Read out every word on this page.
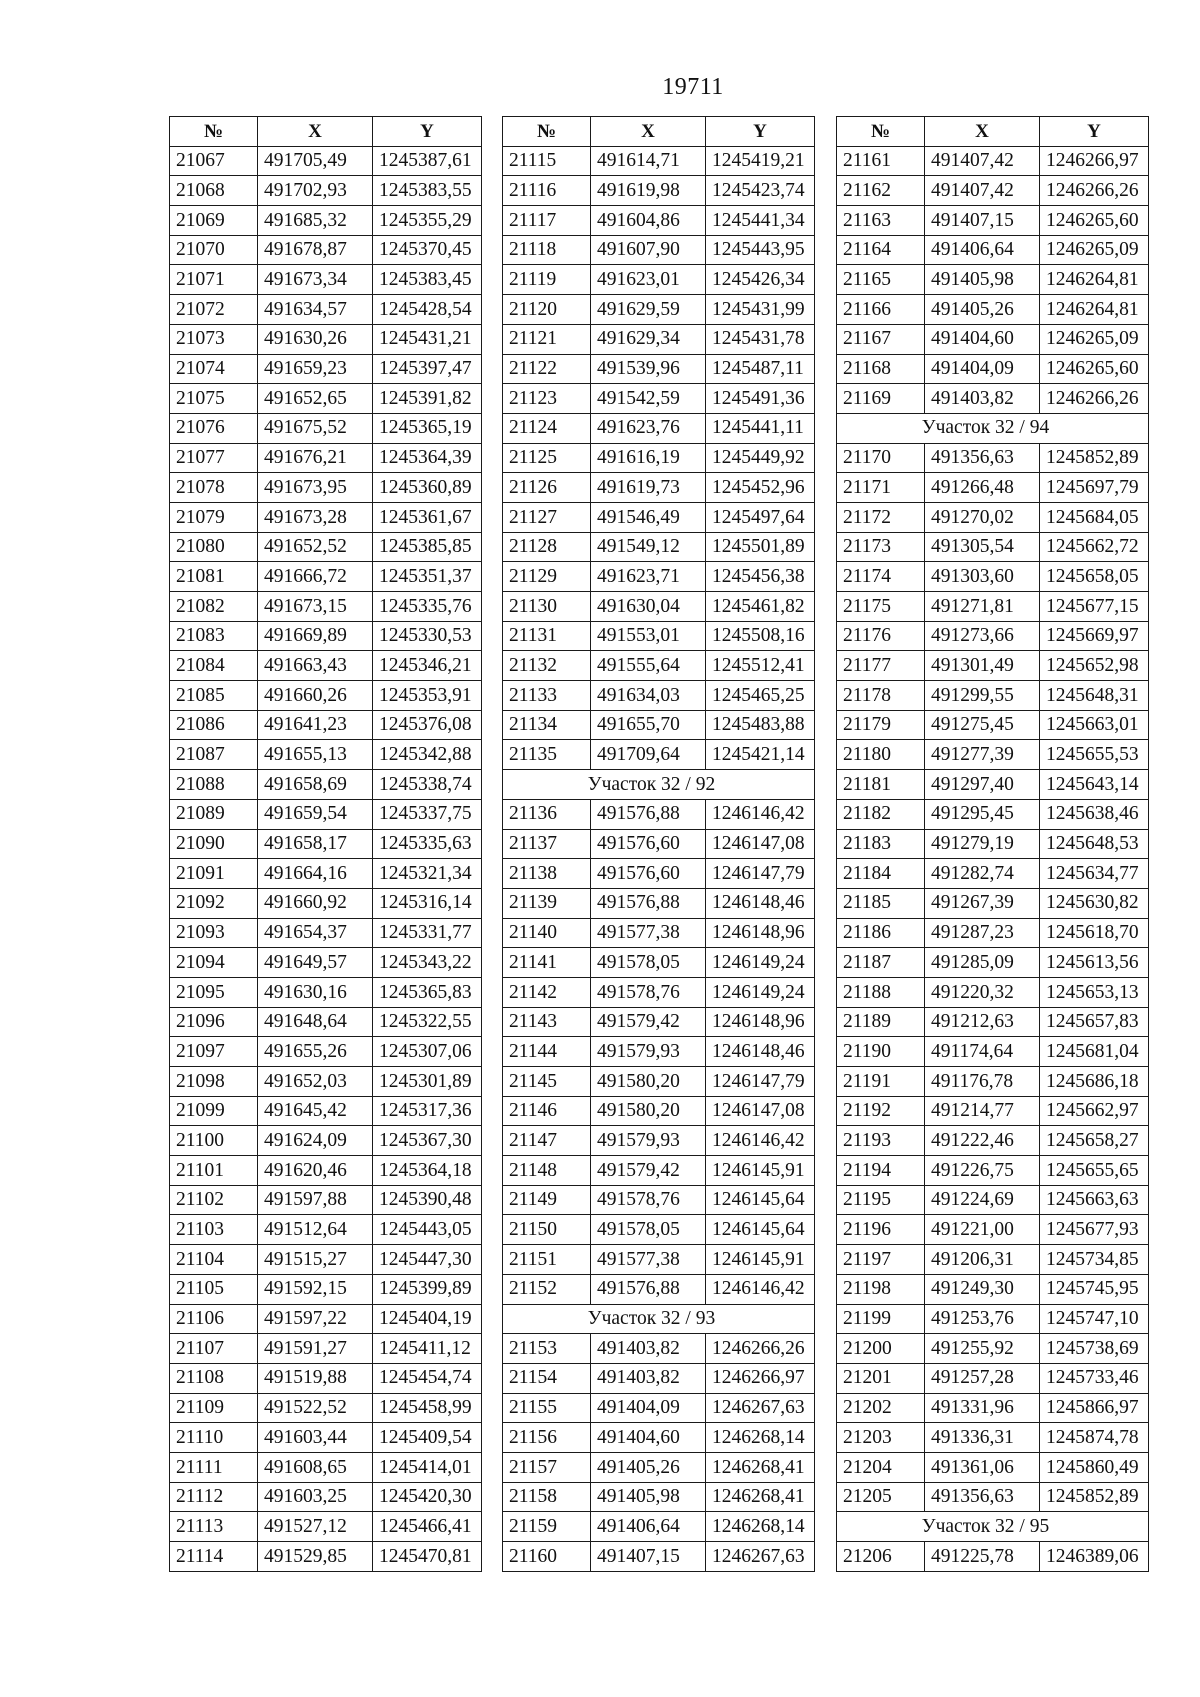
19711
№	X	Y
21067	491705,49	1245387,61
21068	491702,93	1245383,55
21069	491685,32	1245355,29
21070	491678,87	1245370,45
21071	491673,34	1245383,45
21072	491634,57	1245428,54
21073	491630,26	1245431,21
21074	491659,23	1245397,47
21075	491652,65	1245391,82
21076	491675,52	1245365,19
21077	491676,21	1245364,39
21078	491673,95	1245360,89
21079	491673,28	1245361,67
21080	491652,52	1245385,85
21081	491666,72	1245351,37
21082	491673,15	1245335,76
21083	491669,89	1245330,53
21084	491663,43	1245346,21
21085	491660,26	1245353,91
21086	491641,23	1245376,08
21087	491655,13	1245342,88
21088	491658,69	1245338,74
21089	491659,54	1245337,75
21090	491658,17	1245335,63
21091	491664,16	1245321,34
21092	491660,92	1245316,14
21093	491654,37	1245331,77
21094	491649,57	1245343,22
21095	491630,16	1245365,83
21096	491648,64	1245322,55
21097	491655,26	1245307,06
21098	491652,03	1245301,89
21099	491645,42	1245317,36
21100	491624,09	1245367,30
21101	491620,46	1245364,18
21102	491597,88	1245390,48
21103	491512,64	1245443,05
21104	491515,27	1245447,30
21105	491592,15	1245399,89
21106	491597,22	1245404,19
21107	491591,27	1245411,12
21108	491519,88	1245454,74
21109	491522,52	1245458,99
21110	491603,44	1245409,54
21111	491608,65	1245414,01
21112	491603,25	1245420,30
21113	491527,12	1245466,41
21114	491529,85	1245470,81
№	X	Y
21115	491614,71	1245419,21
21116	491619,98	1245423,74
21117	491604,86	1245441,34
21118	491607,90	1245443,95
21119	491623,01	1245426,34
21120	491629,59	1245431,99
21121	491629,34	1245431,78
21122	491539,96	1245487,11
21123	491542,59	1245491,36
21124	491623,76	1245441,11
21125	491616,19	1245449,92
21126	491619,73	1245452,96
21127	491546,49	1245497,64
21128	491549,12	1245501,89
21129	491623,71	1245456,38
21130	491630,04	1245461,82
21131	491553,01	1245508,16
21132	491555,64	1245512,41
21133	491634,03	1245465,25
21134	491655,70	1245483,88
21135	491709,64	1245421,14
Участок 32 / 92		
21136	491576,88	1246146,42
21137	491576,60	1246147,08
21138	491576,60	1246147,79
21139	491576,88	1246148,46
21140	491577,38	1246148,96
21141	491578,05	1246149,24
21142	491578,76	1246149,24
21143	491579,42	1246148,96
21144	491579,93	1246148,46
21145	491580,20	1246147,79
21146	491580,20	1246147,08
21147	491579,93	1246146,42
21148	491579,42	1246145,91
21149	491578,76	1246145,64
21150	491578,05	1246145,64
21151	491577,38	1246145,91
21152	491576,88	1246146,42
Участок 32 / 93		
21153	491403,82	1246266,26
21154	491403,82	1246266,97
21155	491404,09	1246267,63
21156	491404,60	1246268,14
21157	491405,26	1246268,41
21158	491405,98	1246268,41
21159	491406,64	1246268,14
21160	491407,15	1246267,63
№	X	Y
21161	491407,42	1246266,97
21162	491407,42	1246266,26
21163	491407,15	1246265,60
21164	491406,64	1246265,09
21165	491405,98	1246264,81
21166	491405,26	1246264,81
21167	491404,60	1246265,09
21168	491404,09	1246265,60
21169	491403,82	1246266,26
Участок 32 / 94		
21170	491356,63	1245852,89
21171	491266,48	1245697,79
21172	491270,02	1245684,05
21173	491305,54	1245662,72
21174	491303,60	1245658,05
21175	491271,81	1245677,15
21176	491273,66	1245669,97
21177	491301,49	1245652,98
21178	491299,55	1245648,31
21179	491275,45	1245663,01
21180	491277,39	1245655,53
21181	491297,40	1245643,14
21182	491295,45	1245638,46
21183	491279,19	1245648,53
21184	491282,74	1245634,77
21185	491267,39	1245630,82
21186	491287,23	1245618,70
21187	491285,09	1245613,56
21188	491220,32	1245653,13
21189	491212,63	1245657,83
21190	491174,64	1245681,04
21191	491176,78	1245686,18
21192	491214,77	1245662,97
21193	491222,46	1245658,27
21194	491226,75	1245655,65
21195	491224,69	1245663,63
21196	491221,00	1245677,93
21197	491206,31	1245734,85
21198	491249,30	1245745,95
21199	491253,76	1245747,10
21200	491255,92	1245738,69
21201	491257,28	1245733,46
21202	491331,96	1245866,97
21203	491336,31	1245874,78
21204	491361,06	1245860,49
21205	491356,63	1245852,89
Участок 32 / 95		
21206	491225,78	1246389,06
